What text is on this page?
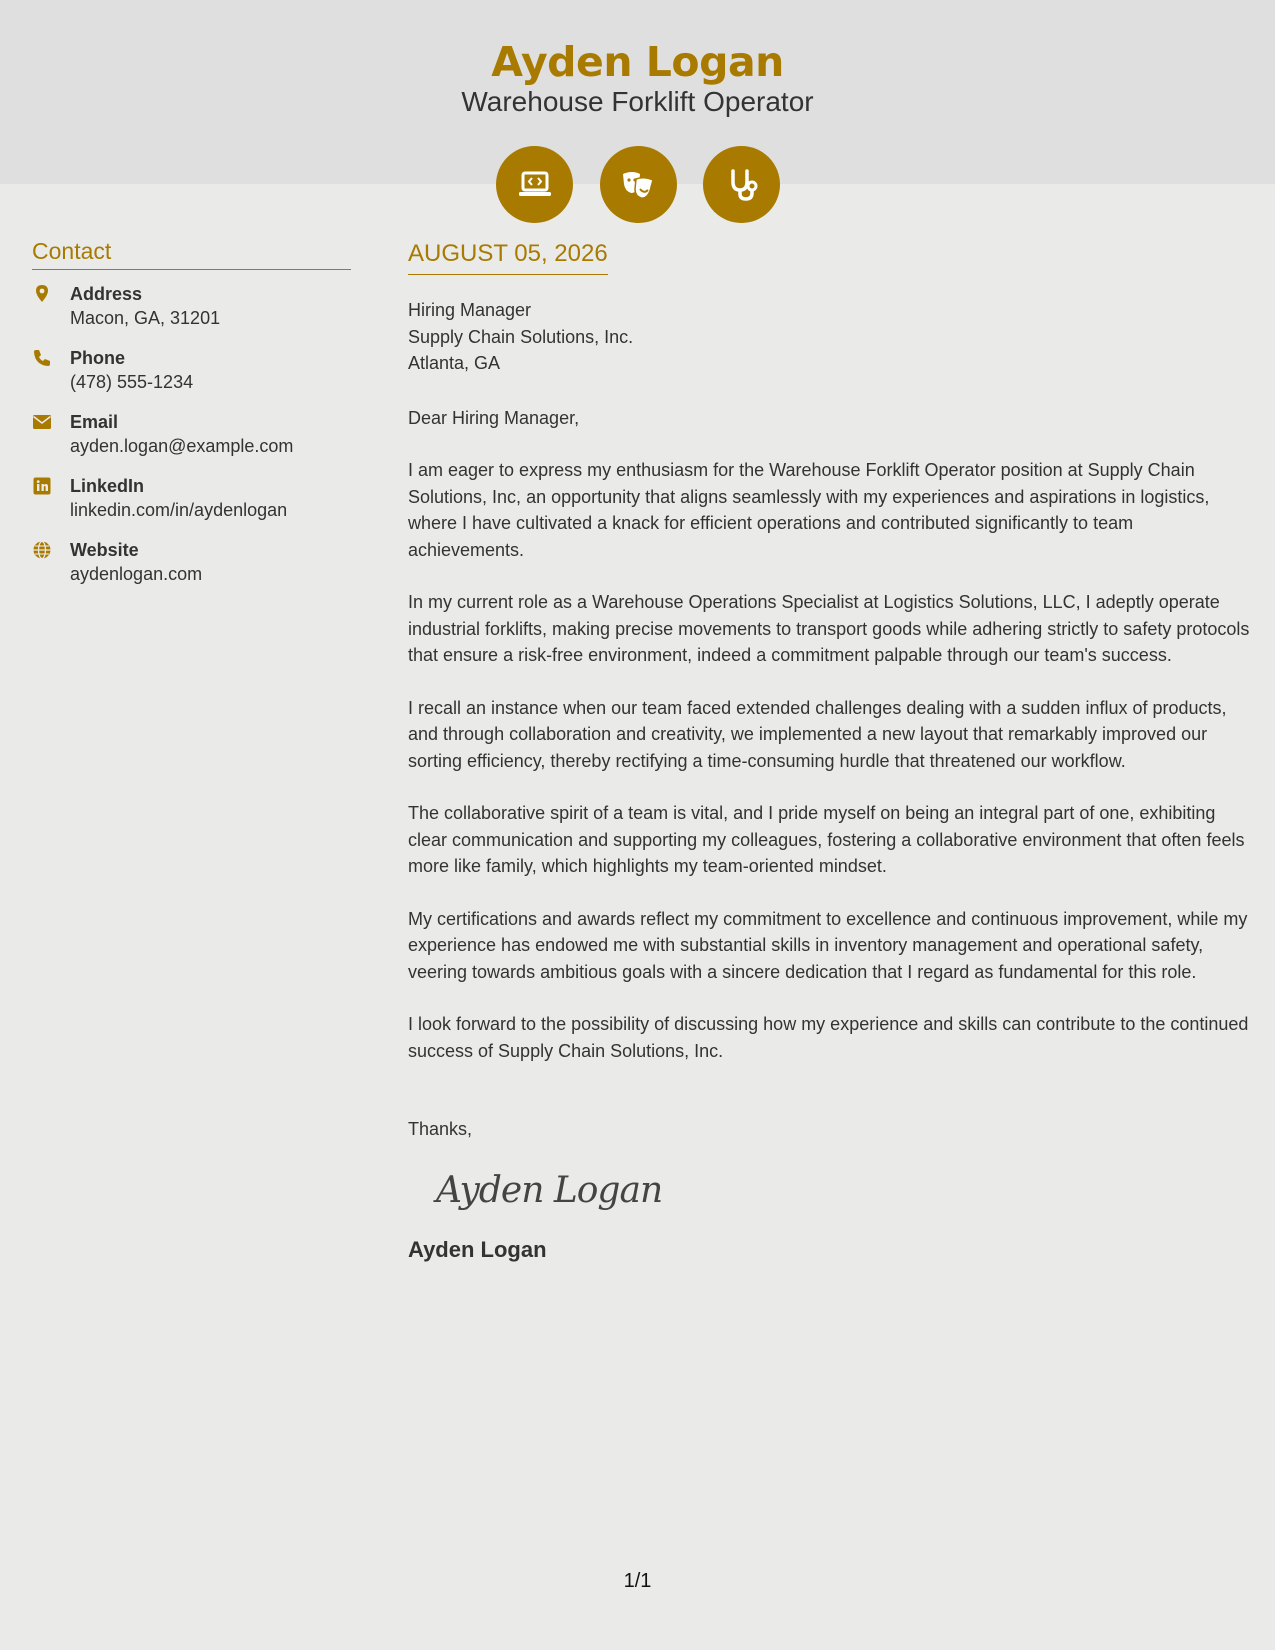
Ayden Logan
Warehouse Forklift Operator
Contact
Address
Macon, GA, 31201
Phone
(478) 555-1234
Email
ayden.logan@example.com
LinkedIn
linkedin.com/in/aydenlogan
Website
aydenlogan.com
AUGUST 05, 2026
Hiring Manager
Supply Chain Solutions, Inc.
Atlanta, GA
Dear Hiring Manager,

I am eager to express my enthusiasm for the Warehouse Forklift Operator position at Supply Chain Solutions, Inc, an opportunity that aligns seamlessly with my experiences and aspirations in logistics, where I have cultivated a knack for efficient operations and contributed significantly to team achievements.

In my current role as a Warehouse Operations Specialist at Logistics Solutions, LLC, I adeptly operate industrial forklifts, making precise movements to transport goods while adhering strictly to safety protocols that ensure a risk-free environment, indeed a commitment palpable through our team's success.

I recall an instance when our team faced extended challenges dealing with a sudden influx of products, and through collaboration and creativity, we implemented a new layout that remarkably improved our sorting efficiency, thereby rectifying a time-consuming hurdle that threatened our workflow.

The collaborative spirit of a team is vital, and I pride myself on being an integral part of one, exhibiting clear communication and supporting my colleagues, fostering a collaborative environment that often feels more like family, which highlights my team-oriented mindset.

My certifications and awards reflect my commitment to excellence and continuous improvement, while my experience has endowed me with substantial skills in inventory management and operational safety, veering towards ambitious goals with a sincere dedication that I regard as fundamental for this role.

I look forward to the possibility of discussing how my experience and skills can contribute to the continued success of Supply Chain Solutions, Inc.

Thanks,
Ayden Logan
Ayden Logan
1/1
